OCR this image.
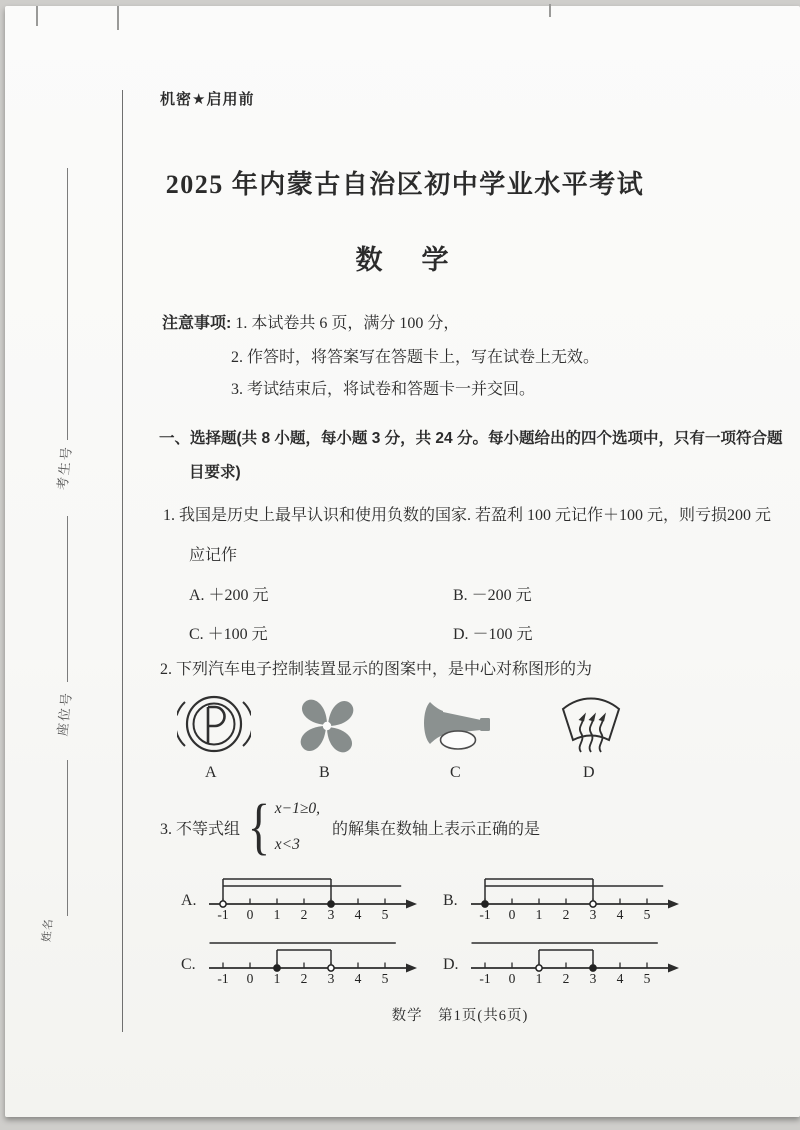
考生号
座位号
姓名
机密★启用前
2025 年内蒙古自治区初中学业水平考试
数　学
注意事项: 1. 本试卷共 6 页，满分 100 分，
2. 作答时，将答案写在答题卡上，写在试卷上无效。
3. 考试结束后，将试卷和答题卡一并交回。
一、选择题(共 8 小题，每小题 3 分，共 24 分。每小题给出的四个选项中，只有一项符合题
目要求)
1. 我国是历史上最早认识和使用负数的国家. 若盈利 100 元记作＋100 元，则亏损200 元
应记作
A. ＋200 元	B. －200 元
C. ＋100 元	D. －100 元
2. 下列汽车电子控制装置显示的图案中，是中心对称图形的为
A	B	C	D
3. 不等式组 { x−1≥0,
x<3
的解集在数轴上表示正确的是
A.
-1 0 1 2 3 4 5
B.
-1 0 1 2 3 4 5
C.
-1 0 1 2 3 4 5
D.
-1 0 1 2 3 4 5
数学　第1页(共6页)
